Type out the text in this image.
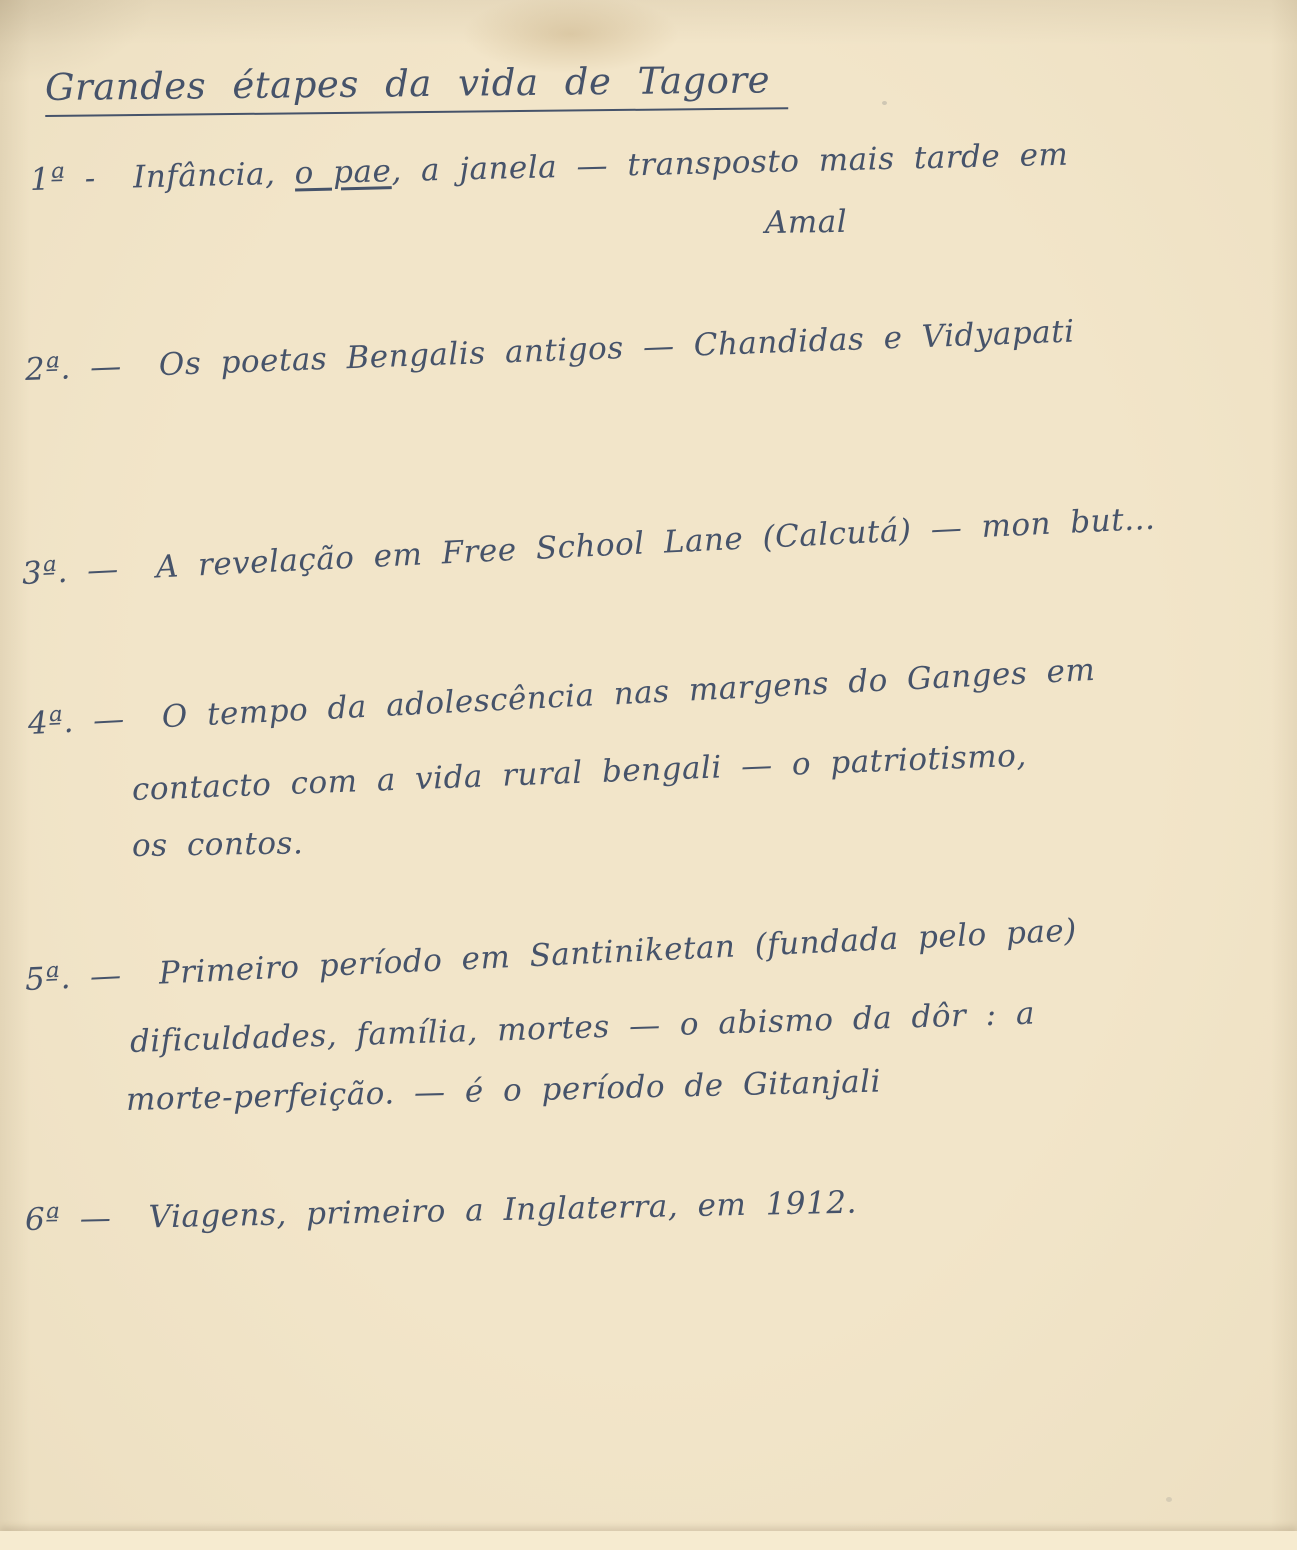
Grandes étapes da vida de Tagore
1ª - Infância, o pae, a janela — transposto mais tarde em
Amal
2ª. — Os poetas Bengalis antigos — Chandidas e Vidyapati
3ª. — A revelação em Free School Lane (Calcutá) — mon but...
4ª. — O tempo da adolescência nas margens do Ganges em
contacto com a vida rural bengali — o patriotismo,
os contos.
5ª. — Primeiro período em Santiniketan (fundada pelo pae)
dificuldades, família, mortes — o abismo da dôr : a
morte-perfeição. — é o período de Gitanjali
6ª — Viagens, primeiro a Inglaterra, em 1912.
